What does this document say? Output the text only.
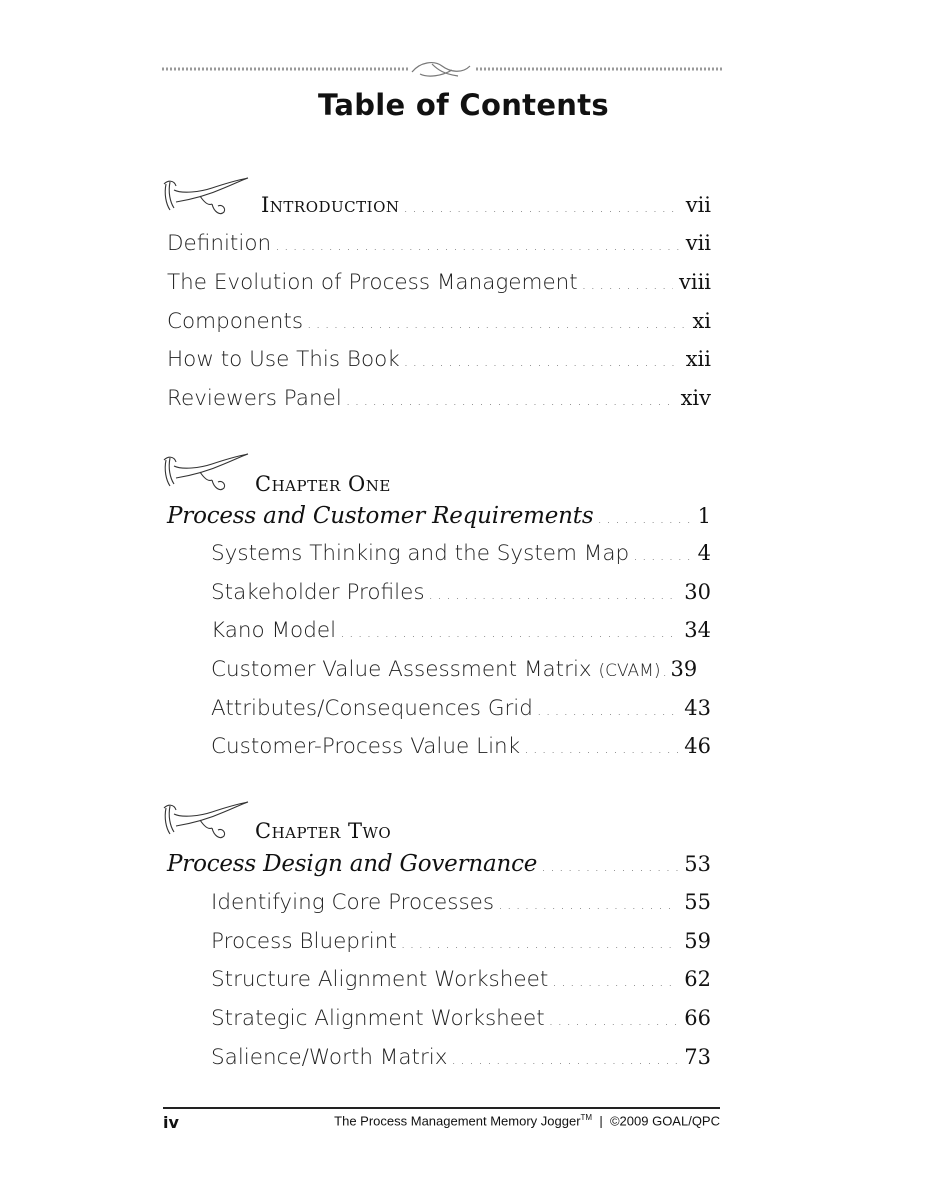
Table of Contents
Introduction . . .	vii
Definition . . .	vii
The Evolution of Process Management . . .	viii
Components . . .	xi
How to Use This Book . . .	xii
Reviewers Panel . . .	xiv
Chapter One
Process and Customer Requirements . . .	1
Systems Thinking and the System Map . . .	4
Stakeholder Profiles . . .	30
Kano Model . . .	34
Customer Value Assessment Matrix (CVAM) . . . 39
Attributes/Consequences Grid . . .	43
Customer-Process Value Link . . .	46
Chapter Two
Process Design and Governance . . .	53
Identifying Core Processes . . .	55
Process Blueprint . . .	59
Structure Alignment Worksheet . . .	62
Strategic Alignment Worksheet . . .	66
Salience/Worth Matrix . . .	73
iv	The Process Management Memory Jogger™ | ©2009 GOAL/QPC
